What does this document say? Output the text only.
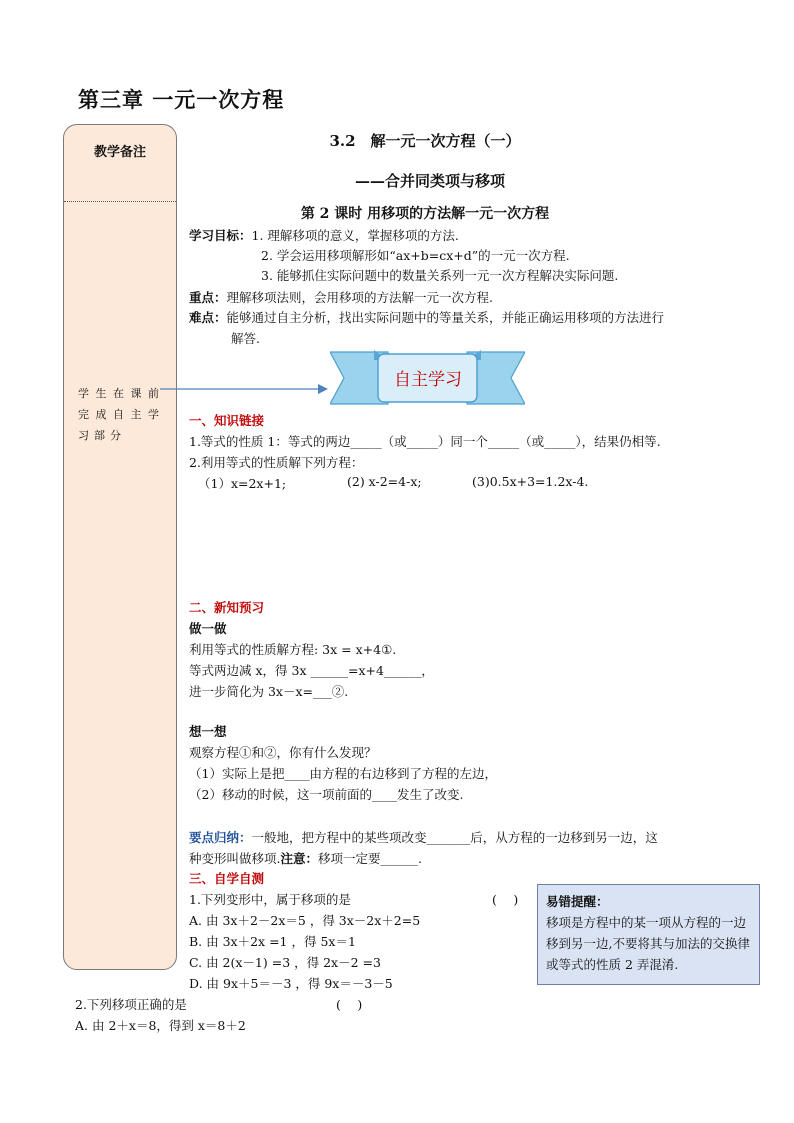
第三章 一元一次方程
教学备注
学生在课前完成自主学习部分
3.2　解一元一次方程（一）
——合并同类项与移项
第 2 课时 用移项的方法解一元一次方程
学习目标：1. 理解移项的意义，掌握移项的方法.
2. 学会运用移项解形如“ax+b=cx+d”的一元一次方程.
3. 能够抓住实际问题中的数量关系列一元一次方程解决实际问题.
重点：理解移项法则，会用移项的方法解一元一次方程.
难点：能够通过自主分析，找出实际问题中的等量关系，并能正确运用移项的方法进行
解答.
自主学习
一、知识链接
1.等式的性质 1：等式的两边_____（或_____）同一个_____（或_____），结果仍相等.
2.利用等式的性质解下列方程：
（1）x=2x+1;	(2) x-2=4-x;	(3)0.5x+3=1.2x-4.
二、新知预习
做一做
利用等式的性质解方程: 3x = x+4①.
等式两边减 x，得 3x ______=x+4______，
进一步简化为 3x－x=___②.
想一想
观察方程①和②，你有什么发现？
（1）实际上是把____由方程的右边移到了方程的左边，
（2）移动的时候，这一项前面的____发生了改变.
要点归纳：一般地，把方程中的某些项改变_______后，从方程的一边移到另一边，这
种变形叫做移项.注意：移项一定要______.
三、自学自测
1.下列变形中，属于移项的是	(　 )
A. 由 3x＋2－2x＝5 ，得 3x－2x＋2=5
B. 由 3x＋2x =1 ，得 5x＝1
C. 由 2(x－1) =3 ，得 2x－2 =3
D. 由 9x＋5＝－3 ，得 9x＝－3－5
2.下列移项正确的是	(　 )
A. 由 2＋x＝8，得到 x＝8＋2
易错提醒：
移项是方程中的某一项从方程的一边移到另一边,不要将其与加法的交换律或等式的性质 2 弄混淆.
